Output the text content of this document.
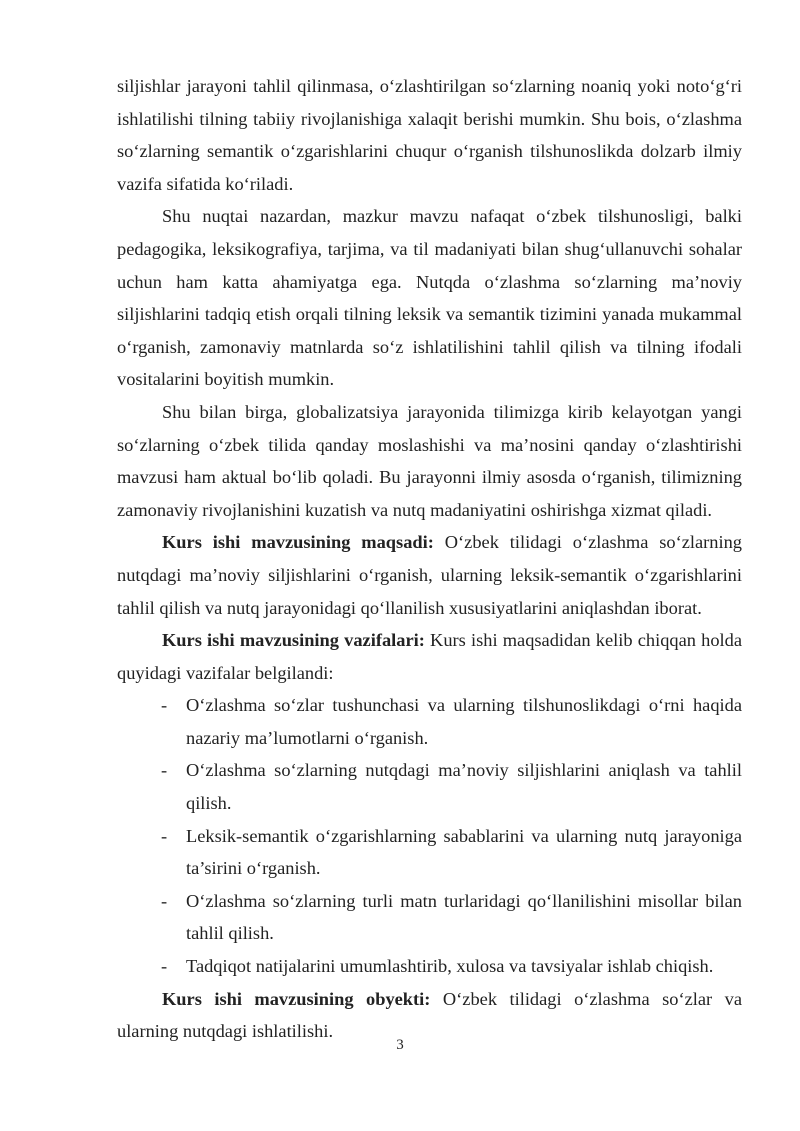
siljishlar jarayoni tahlil qilinmasa, o‘zlashtirilgan so‘zlarning noaniq yoki noto‘g‘ri ishlatilishi tilning tabiiy rivojlanishiga xalaqit berishi mumkin. Shu bois, o‘zlashma so‘zlarning semantik o‘zgarishlarini chuqur o‘rganish tilshunoslikda dolzarb ilmiy vazifa sifatida ko‘riladi.

Shu nuqtai nazardan, mazkur mavzu nafaqat o‘zbek tilshunosligi, balki pedagogika, leksikografiya, tarjima, va til madaniyati bilan shug‘ullanuvchi sohalar uchun ham katta ahamiyatga ega. Nutqda o‘zlashma so‘zlarning ma’noviy siljishlarini tadqiq etish orqali tilning leksik va semantik tizimini yanada mukammal o‘rganish, zamonaviy matnlarda so‘z ishlatilishini tahlil qilish va tilning ifodali vositalarini boyitish mumkin.

Shu bilan birga, globalizatsiya jarayonida tilimizga kirib kelayotgan yangi so‘zlarning o‘zbek tilida qanday moslashishi va ma’nosini qanday o‘zlashtirishi mavzusi ham aktual bo‘lib qoladi. Bu jarayonni ilmiy asosda o‘rganish, tilimizning zamonaviy rivojlanishini kuzatish va nutq madaniyatini oshirishga xizmat qiladi.

Kurs ishi mavzusining maqsadi: O‘zbek tilidagi o‘zlashma so‘zlarning nutqdagi ma’noviy siljishlarini o‘rganish, ularning leksik-semantik o‘zgarishlarini tahlil qilish va nutq jarayonidagi qo‘llanilish xususiyatlarini aniqlashdan iborat.

Kurs ishi mavzusining vazifalari: Kurs ishi maqsadidan kelib chiqqan holda quyidagi vazifalar belgilandi:

- O‘zlashma so‘zlar tushunchasi va ularning tilshunoslikdagi o‘rni haqida nazariy ma’lumotlarni o‘rganish.
- O‘zlashma so‘zlarning nutqdagi ma’noviy siljishlarini aniqlash va tahlil qilish.
- Leksik-semantik o‘zgarishlarning sabablarini va ularning nutq jarayoniga ta’sirini o‘rganish.
- O‘zlashma so‘zlarning turli matn turlaridagi qo‘llanilishini misollar bilan tahlil qilish.
- Tadqiqot natijalarini umumlashtirib, xulosa va tavsiyalar ishlab chiqish.

Kurs ishi mavzusining obyekti: O‘zbek tilidagi o‘zlashma so‘zlar va ularning nutqdagi ishlatilishi.

3
